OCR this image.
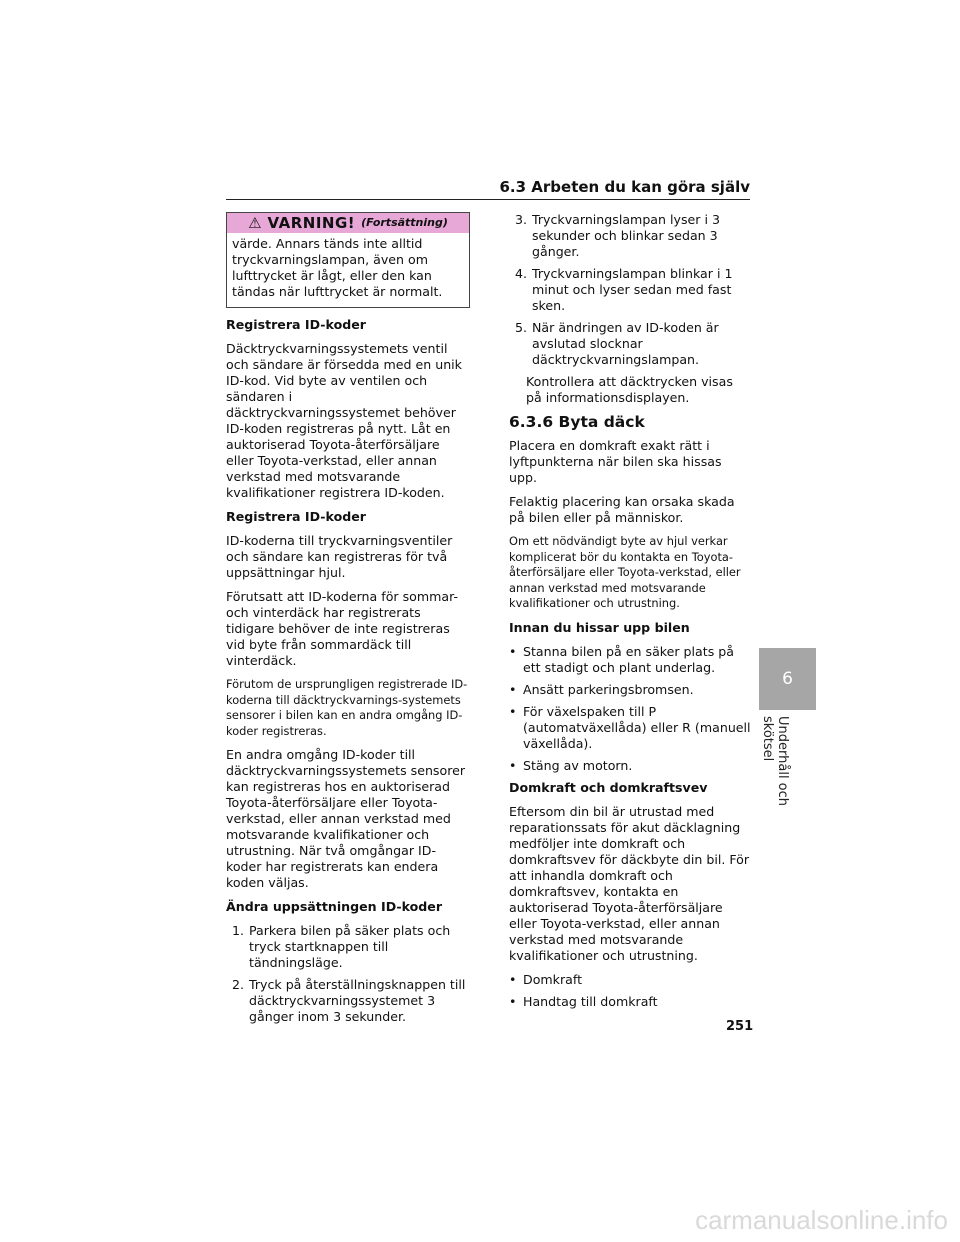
6.3 Arbeten du kan göra själv
⚠ VARNING! (Fortsättning)
värde. Annars tänds inte alltid tryckvarningslampan, även om lufttrycket är lågt, eller den kan tändas när lufttrycket är normalt.

Registrera ID-koder

Däcktryckvarningssystemets ventil och sändare är försedda med en unik ID-kod. Vid byte av ventilen och sändaren i däcktryckvarningssystemet behöver ID-koden registreras på nytt. Låt en auktoriserad Toyota-återförsäljare eller Toyota-verkstad, eller annan verkstad med motsvarande kvalifikationer registrera ID-koden.

Registrera ID-koder

ID-koderna till tryckvarningsventiler och sändare kan registreras för två uppsättningar hjul.

Förutsatt att ID-koderna för sommar- och vinterdäck har registrerats tidigare behöver de inte registreras vid byte från sommardäck till vinterdäck.

Förutom de ursprungligen registrerade ID-koderna till däcktryckvarnings-systemets sensorer i bilen kan en andra omgång ID-koder registreras.

En andra omgång ID-koder till däcktryckvarningssystemets sensorer kan registreras hos en auktoriserad Toyota-återförsäljare eller Toyota-verkstad, eller annan verkstad med motsvarande kvalifikationer och utrustning. När två omgångar ID-koder har registrerats kan endera koden väljas.

Ändra uppsättningen ID-koder

1. Parkera bilen på säker plats och tryck startknappen till tändningsläge.
2. Tryck på återställningsknappen till däcktryckvarningssystemet 3 gånger inom 3 sekunder.
3. Tryckvarningslampan lyser i 3 sekunder och blinkar sedan 3 gånger.
4. Tryckvarningslampan blinkar i 1 minut och lyser sedan med fast sken.
5. När ändringen av ID-koden är avslutad slocknar däcktryckvarningslampan.

Kontrollera att däcktrycken visas på informationsdisplayen.

6.3.6 Byta däck

Placera en domkraft exakt rätt i lyftpunkterna när bilen ska hissas upp.

Felaktig placering kan orsaka skada på bilen eller på människor.

Om ett nödvändigt byte av hjul verkar komplicerat bör du kontakta en Toyota-återförsäljare eller Toyota-verkstad, eller annan verkstad med motsvarande kvalifikationer och utrustning.

Innan du hissar upp bilen

• Stanna bilen på en säker plats på ett stadigt och plant underlag.
• Ansätt parkeringsbromsen.
• För växelspaken till P (automatväxellåda) eller R (manuell växellåda).
• Stäng av motorn.

Domkraft och domkraftsvev

Eftersom din bil är utrustad med reparationssats för akut däcklagning medföljer inte domkraft och domkraftsvev för däckbyte din bil. För att inhandla domkraft och domkraftsvev, kontakta en auktoriserad Toyota-återförsäljare eller Toyota-verkstad, eller annan verkstad med motsvarande kvalifikationer och utrustning.

• Domkraft
• Handtag till domkraft
6
Underhåll och skötsel
251
carmanualsonline.info
